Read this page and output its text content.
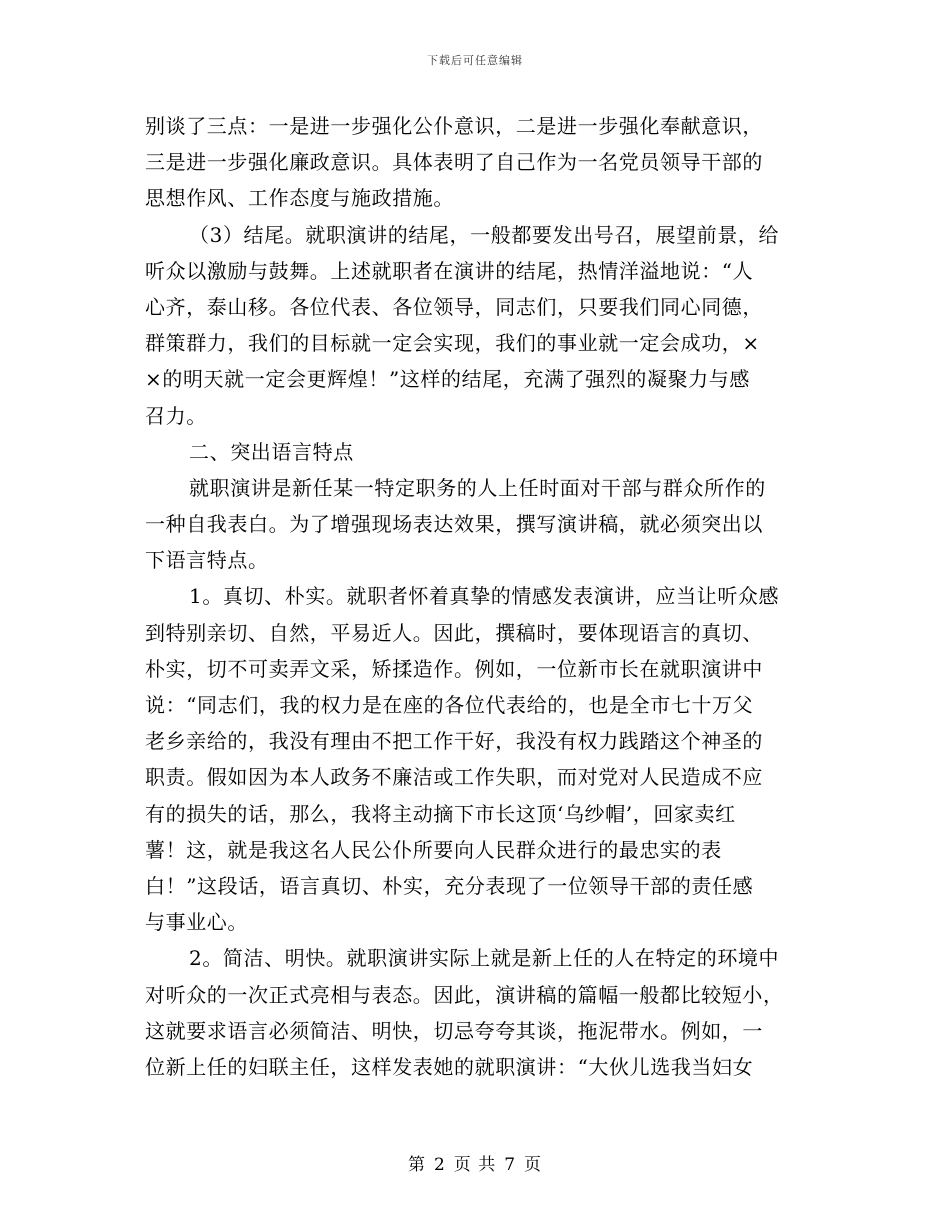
下载后可任意编辑
别谈了三点：一是进一步强化公仆意识，二是进一步强化奉献意识，
三是进一步强化廉政意识。具体表明了自己作为一名党员领导干部的
思想作风、工作态度与施政措施。
（3）结尾。就职演讲的结尾，一般都要发出号召，展望前景，给
听众以激励与鼓舞。上述就职者在演讲的结尾，热情洋溢地说：“人
心齐，泰山移。各位代表、各位领导，同志们，只要我们同心同德，
群策群力，我们的目标就一定会实现，我们的事业就一定会成功，×
×的明天就一定会更辉煌！”这样的结尾，充满了强烈的凝聚力与感
召力。
二、突出语言特点
就职演讲是新任某一特定职务的人上任时面对干部与群众所作的
一种自我表白。为了增强现场表达效果，撰写演讲稿，就必须突出以
下语言特点。
1。真切、朴实。就职者怀着真挚的情感发表演讲，应当让听众感
到特别亲切、自然，平易近人。因此，撰稿时，要体现语言的真切、
朴实，切不可卖弄文采，矫揉造作。例如，一位新市长在就职演讲中
说：“同志们，我的权力是在座的各位代表给的，也是全市七十万父
老乡亲给的，我没有理由不把工作干好，我没有权力践踏这个神圣的
职责。假如因为本人政务不廉洁或工作失职，而对党对人民造成不应
有的损失的话，那么，我将主动摘下市长这顶‘乌纱帽’，回家卖红
薯！这，就是我这名人民公仆所要向人民群众进行的最忠实的表
白！”这段话，语言真切、朴实，充分表现了一位领导干部的责任感
与事业心。
2。简洁、明快。就职演讲实际上就是新上任的人在特定的环境中
对听众的一次正式亮相与表态。因此，演讲稿的篇幅一般都比较短小，
这就要求语言必须简洁、明快，切忌夸夸其谈，拖泥带水。例如，一
位新上任的妇联主任，这样发表她的就职演讲：“大伙儿选我当妇女
第 2 页 共 7 页
